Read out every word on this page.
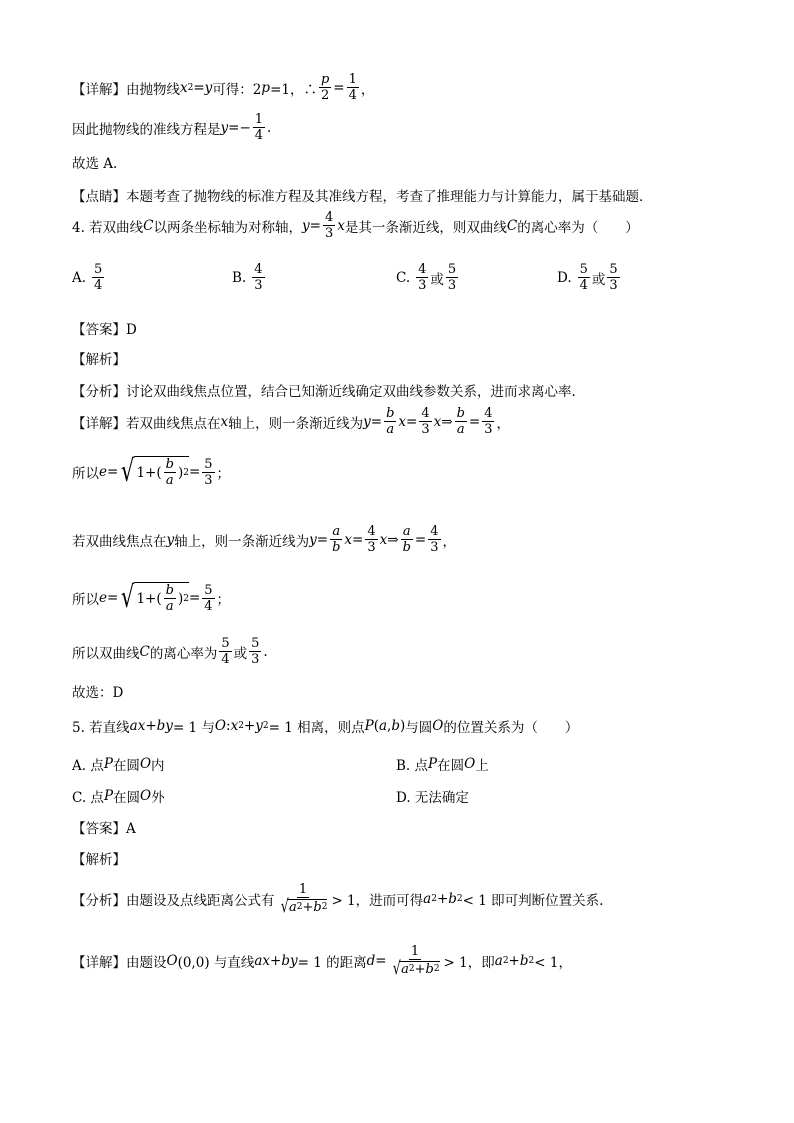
【详解】由抛物线 x 2 = y 可得：2 p =1，∴ $\frac{p}{2} = \frac{1}{4}$ ，
因此抛物线的准线方程是 $y =- \frac{1}{4}$ .
故选 A.
【点睛】本题考查了抛物线的标准方程及其准线方程，考查了推理能力与计算能力，属于基础题．
4. 若双曲线 C 以两条坐标轴为对称轴， $y = \frac{4}{3}$ x 是其一条渐近线，则双曲线 C 的离心率为（　　）
A. $\frac{5}{4}$	B. $\frac{4}{3}$	C. $\frac{4}{3}$ 或 $\frac{5}{3}$	D. $\frac{5}{4}$ 或 $\frac{5}{3}$
【答案】D
【解析】
【分析】讨论双曲线焦点位置，结合已知渐近线确定双曲线参数关系，进而求离心率.
【详解】若双曲线焦点在 x 轴上，则一条渐近线为 $y = \frac{b}{a}$ $x = \frac{4}{3}$ x ⇒ $\frac{b}{a} = \frac{4}{3}$ ，
所以 e = √ $1+( \frac{b}{a}$ ) $2 = \frac{5}{3}$ ；
若双曲线焦点在 y 轴上，则一条渐近线为 $y = \frac{a}{b}$ $x = \frac{4}{3}$ x ⇒ $\frac{a}{b} = \frac{4}{3}$ ，
所以 e = √ $1+( \frac{b}{a}$ ) $2 = \frac{5}{4}$ ；
所以双曲线 C 的离心率为 $\frac{5}{4}$ 或 $\frac{5}{3}$ .
故选：D
5. 若直线 ax + by = 1 与 O : x 2 + y 2 = 1 相离，则点 P ( a , b ) 与圆 O 的位置关系为（　　）
A. 点 P 在圆 O 内	B. 点 P 在圆 O 上
C. 点 P 在圆 O 外	D. 无法确定
【答案】A
【解析】
【分析】由题设及点线距离公式有 $\frac{1}{√ a 2 + b 2} > 1$，进而可得 a 2 + b 2 < 1 即可判断位置关系.
【详解】由题设 O (0,0) 与直线 ax + by = 1 的距离 $d = \frac{1}{√ a 2 + b 2} > 1$，即 a 2 + b 2 < 1，
